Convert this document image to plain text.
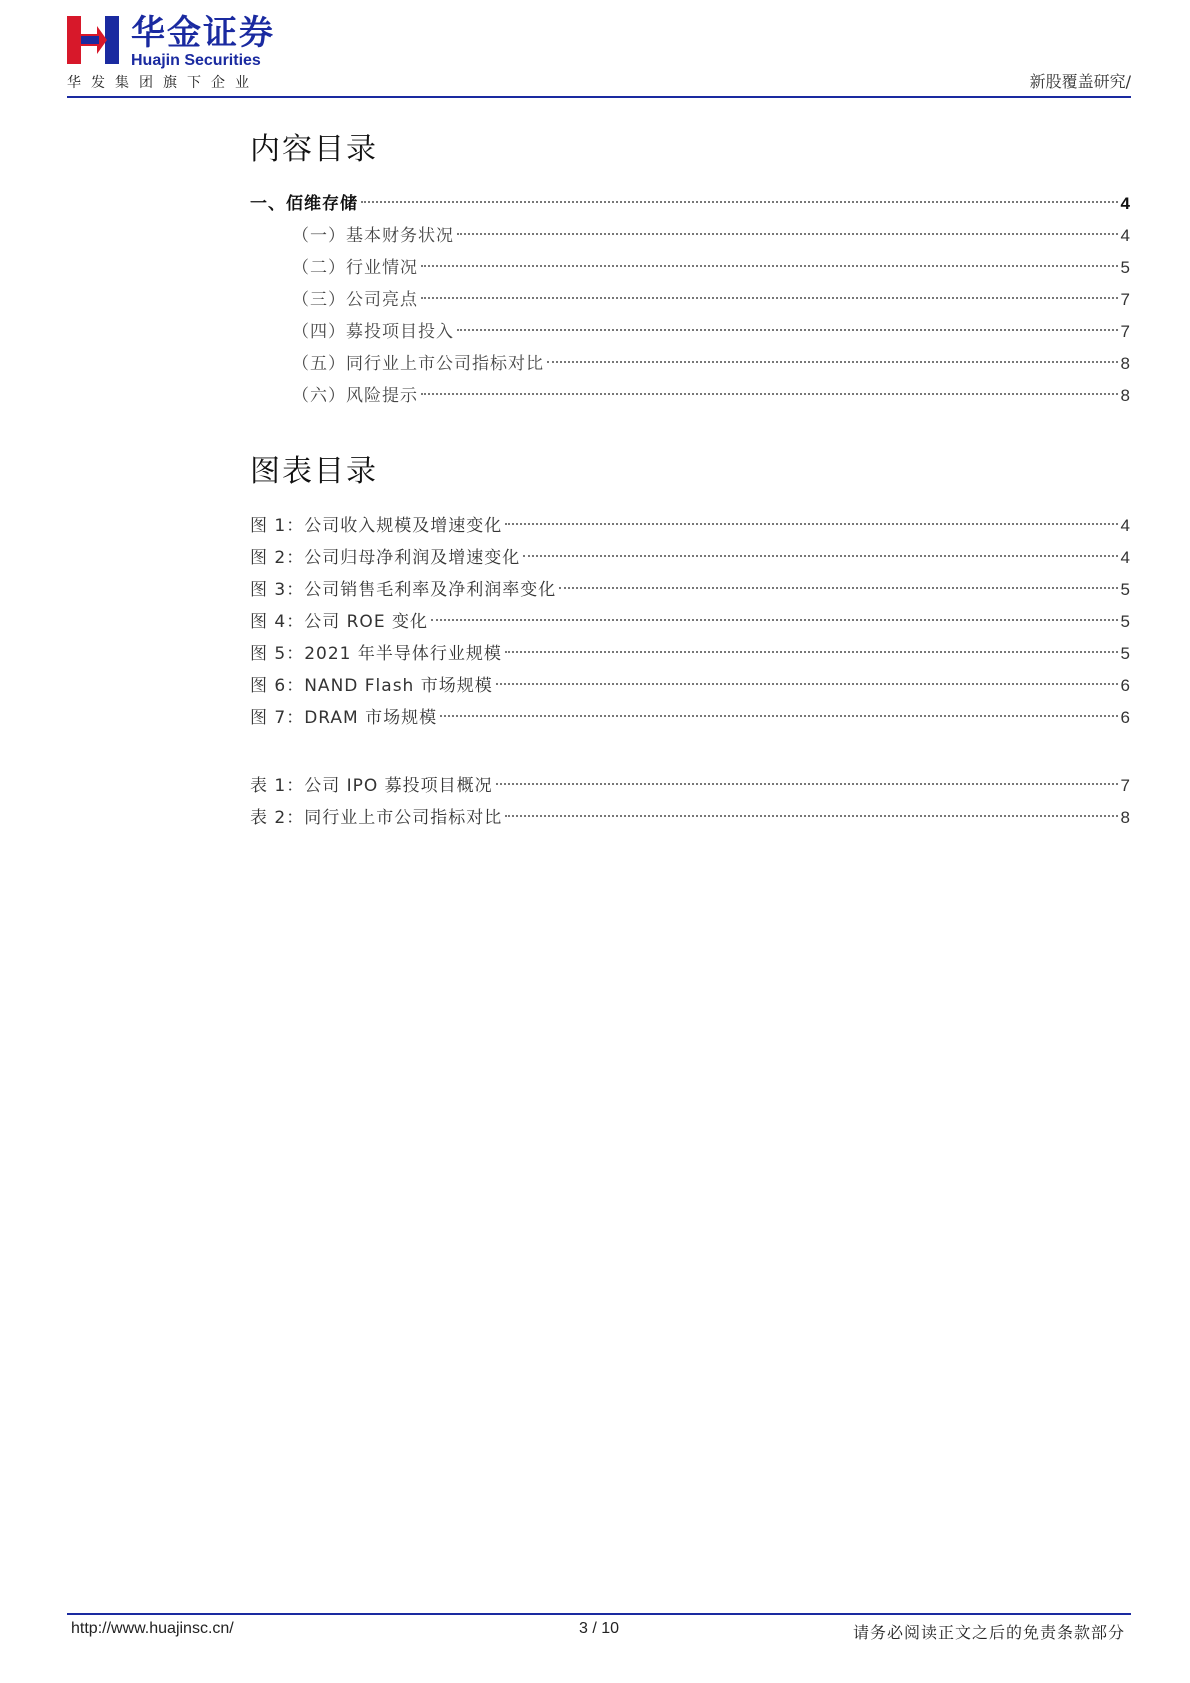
华金证券
Huajin Securities
华发集团旗下企业	新股覆盖研究/
内容目录
一、佰维存储	4
（一）基本财务状况	4
（二）行业情况	5
（三）公司亮点	7
（四）募投项目投入	7
（五）同行业上市公司指标对比	8
（六）风险提示	8
图表目录
图 1：公司收入规模及增速变化	4
图 2：公司归母净利润及增速变化	4
图 3：公司销售毛利率及净利润率变化	5
图 4：公司 ROE 变化	5
图 5：2021 年半导体行业规模	5
图 6：NAND Flash 市场规模	6
图 7：DRAM 市场规模	6
表 1：公司 IPO 募投项目概况	7
表 2：同行业上市公司指标对比	8
http://www.huajinsc.cn/	3 / 10	请务必阅读正文之后的免责条款部分
